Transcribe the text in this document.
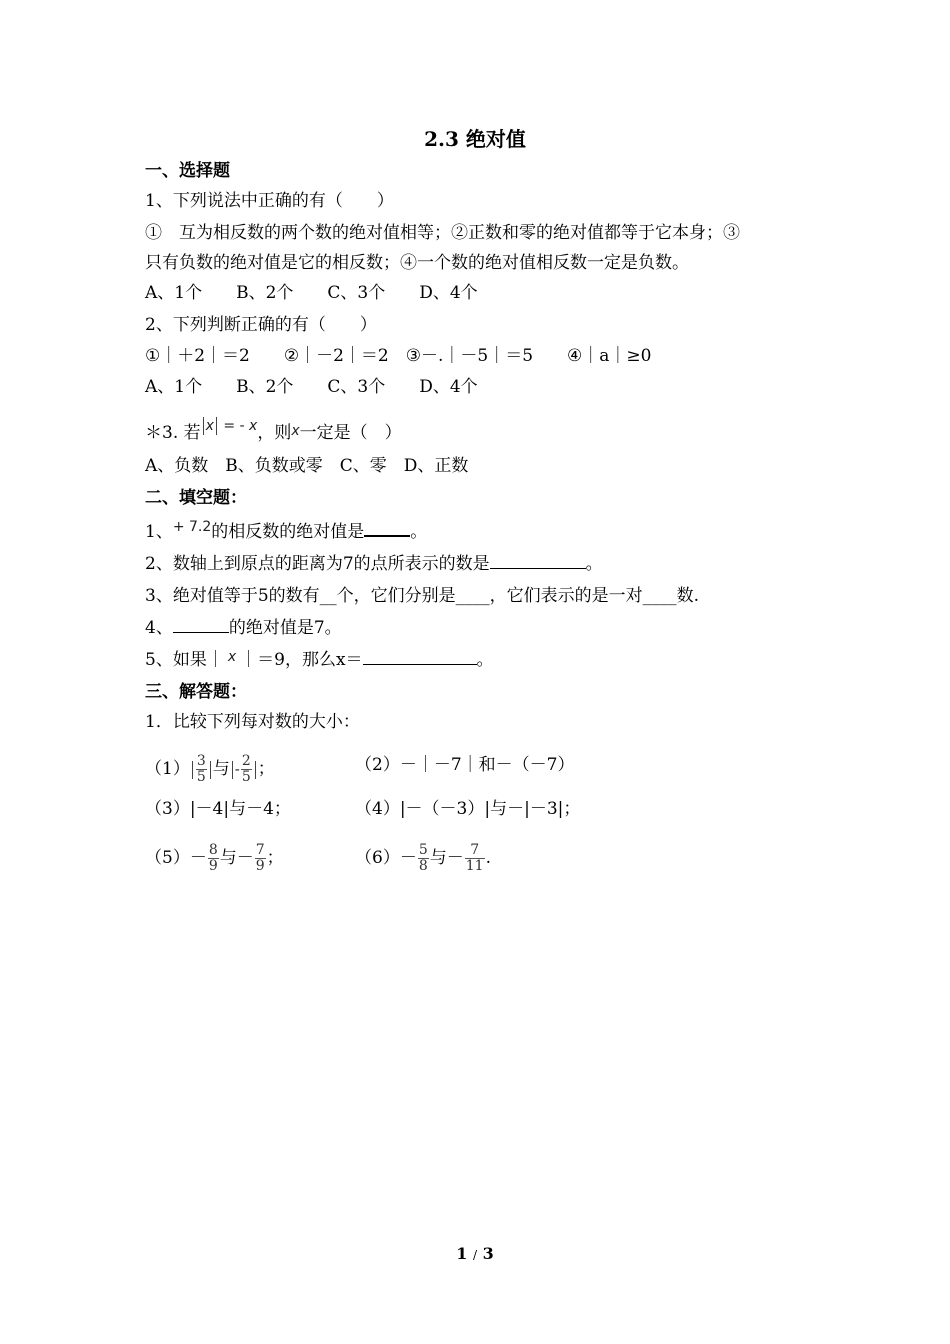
2.3 绝对值
一、选择题
1、下列说法中正确的有（　　）
①　互为相反数的两个数的绝对值相等；②正数和零的绝对值都等于它本身；③
只有负数的绝对值是它的相反数；④一个数的绝对值相反数一定是负数。
A、1个　　B、2个　　C、3个　　D、4个
2、下列判断正确的有（　　）
①｜＋2｜＝2　　②｜－2｜＝2　③－.｜－5｜＝5　　④｜a｜≥0
A、1个　　B、2个　　C、3个　　D、4个
＊3. 若 $^{x = - x}$，则x一定是（　）
A、负数　B、负数或零　C、零　D、正数
二、填空题：
1、$^{+ 7.2}$的相反数的绝对值是	。
2、数轴上到原点的距离为7的点所表示的数是	。
3、绝对值等于5的数有__个，它们分别是____，它们表示的是一对____数.
4、	的绝对值是7。
5、如果｜ $^x$ ｜＝9，那么x＝	。
三、解答题：
1．比较下列每对数的大小：
$(1) \frac{3}{5}$ 与 - $\frac{2}{5}$ ；	（2）－｜－7｜和－（－7）
（3）|－4|与－4；	（4）|－（－3）|与－|－3|；
$(5)- \frac{8}{9}$ 与－ $\frac{7}{9}$ ；	$(6)- \frac{5}{8}$ 与－ $\frac{7}{11}$ .
1 / 3
